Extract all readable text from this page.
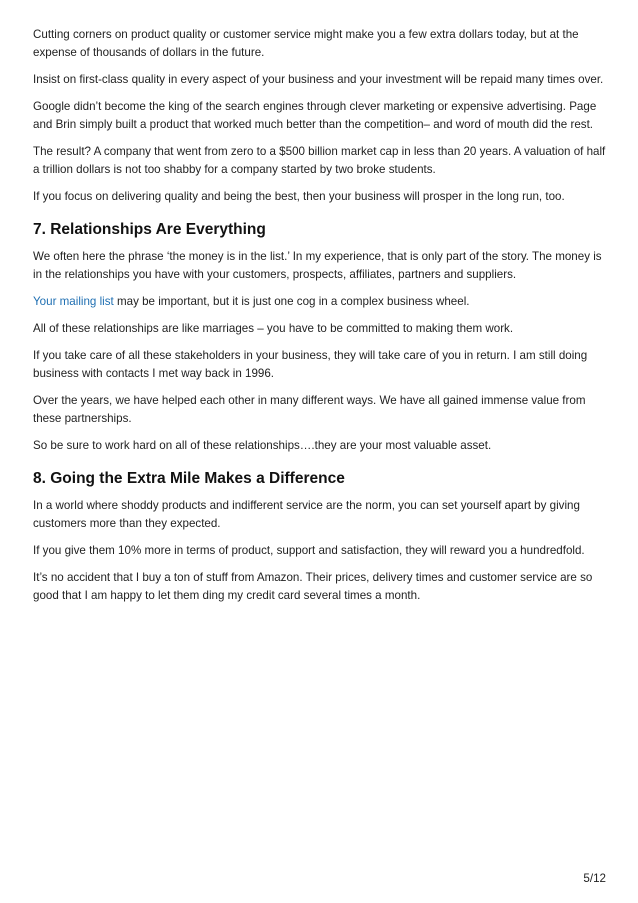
Cutting corners on product quality or customer service might make you a few extra dollars today, but at the expense of thousands of dollars in the future.

Insist on first-class quality in every aspect of your business and your investment will be repaid many times over.

Google didn’t become the king of the search engines through clever marketing or expensive advertising. Page and Brin simply built a product that worked much better than the competition– and word of mouth did the rest.

The result? A company that went from zero to a $500 billion market cap in less than 20 years. A valuation of half a trillion dollars is not too shabby for a company started by two broke students.

If you focus on delivering quality and being the best, then your business will prosper in the long run, too.

7. Relationships Are Everything

We often here the phrase ‘the money is in the list.’ In my experience, that is only part of the story. The money is in the relationships you have with your customers, prospects, affiliates, partners and suppliers.

Your mailing list may be important, but it is just one cog in a complex business wheel.

All of these relationships are like marriages – you have to be committed to making them work.

If you take care of all these stakeholders in your business, they will take care of you in return. I am still doing business with contacts I met way back in 1996.

Over the years, we have helped each other in many different ways. We have all gained immense value from these partnerships.

So be sure to work hard on all of these relationships….they are your most valuable asset.

8. Going the Extra Mile Makes a Difference

In a world where shoddy products and indifferent service are the norm, you can set yourself apart by giving customers more than they expected.

If you give them 10% more in terms of product, support and satisfaction, they will reward you a hundredfold.

It’s no accident that I buy a ton of stuff from Amazon. Their prices, delivery times and customer service are so good that I am happy to let them ding my credit card several times a month.

5/12
